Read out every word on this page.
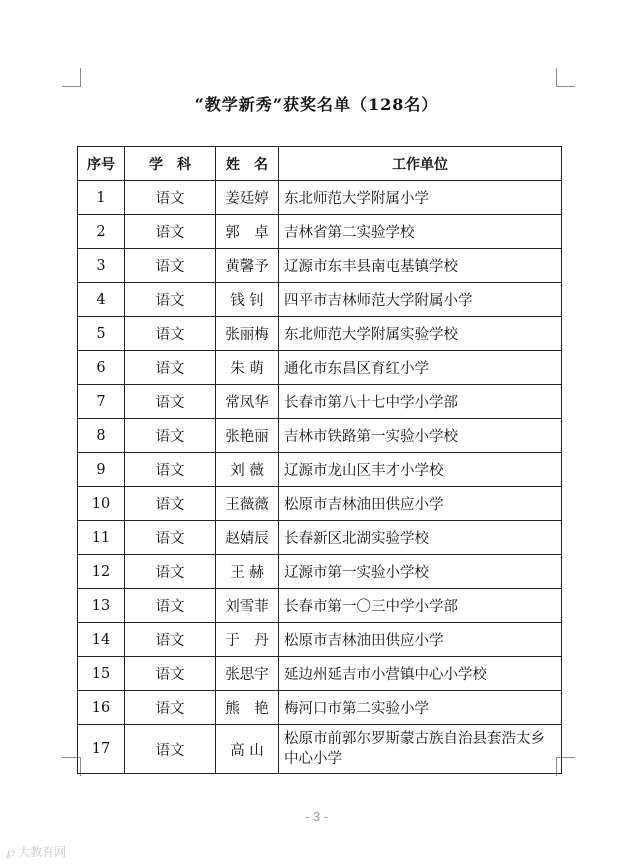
“教学新秀”获奖名单（128名）
序号	学　科	姓　名	工作单位
1	语文	姜廷婷	东北师范大学附属小学
2	语文	郭　卓	吉林省第二实验学校
3	语文	黄馨予	辽源市东丰县南屯基镇学校
4	语文	钱 钊	四平市吉林师范大学附属小学
5	语文	张丽梅	东北师范大学附属实验学校
6	语文	朱 萌	通化市东昌区育红小学
7	语文	常凤华	长春市第八十七中学小学部
8	语文	张艳丽	吉林市铁路第一实验小学校
9	语文	刘 薇	辽源市龙山区丰才小学校
10	语文	王薇薇	松原市吉林油田供应小学
11	语文	赵婧辰	长春新区北湖实验学校
12	语文	王 赫	辽源市第一实验小学校
13	语文	刘雪菲	长春市第一〇三中学小学部
14	语文	于　丹	松原市吉林油田供应小学
15	语文	张思宇	延边州延吉市小营镇中心小学校
16	语文	熊　艳	梅河口市第二实验小学
17	语文	高 山	松原市前郭尔罗斯蒙古族自治县套浩太乡中心小学
- 3 -
℘ 大教育网
